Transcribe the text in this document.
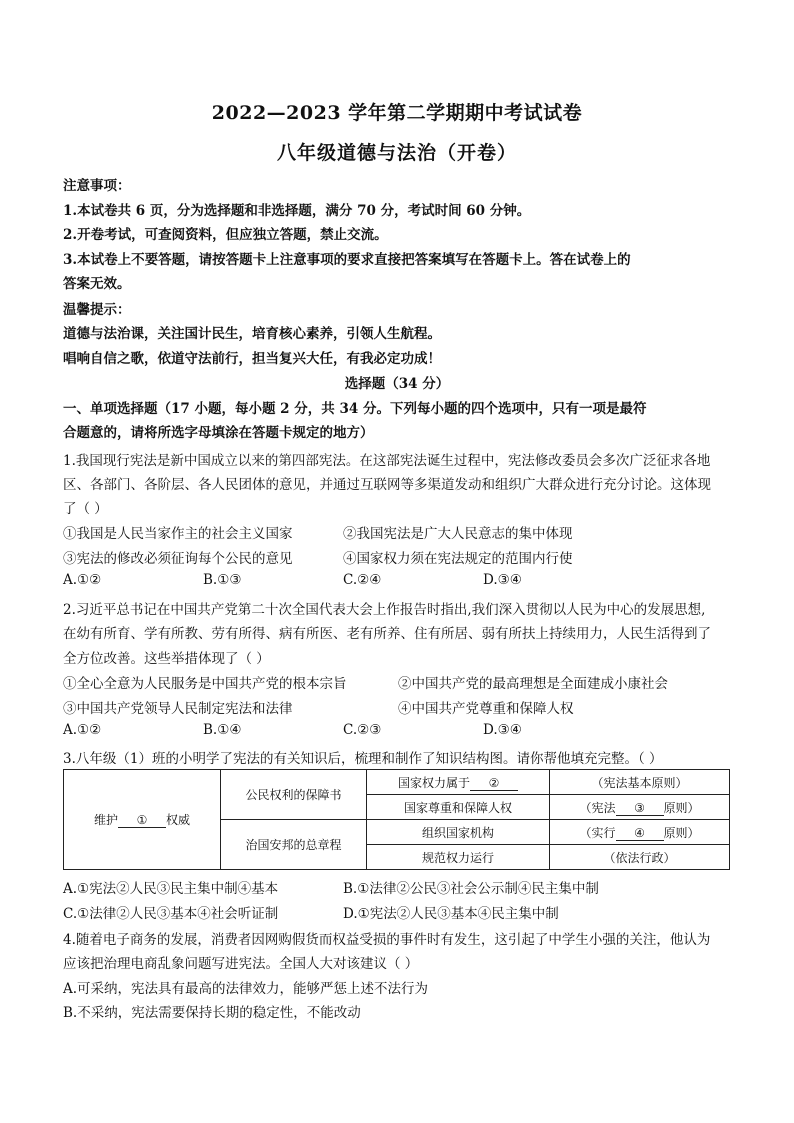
2022—2023 学年第二学期期中考试试卷
八年级道德与法治（开卷）
注意事项：
1.本试卷共 6 页，分为选择题和非选择题，满分 70 分，考试时间 60 分钟。
2.开卷考试，可查阅资料，但应独立答题，禁止交流。
3.本试卷上不要答题，请按答题卡上注意事项的要求直接把答案填写在答题卡上。答在试卷上的
答案无效。
温馨提示：
道德与法治课，关注国计民生，培育核心素养，引领人生航程。
唱响自信之歌，依道守法前行，担当复兴大任，有我必定功成！
选择题（34 分）
一、单项选择题（17 小题，每小题 2 分，共 34 分。下列每小题的四个选项中，只有一项是最符
合题意的，请将所选字母填涂在答题卡规定的地方）
1.我国现行宪法是新中国成立以来的第四部宪法。在这部宪法诞生过程中，宪法修改委员会多次广泛征求各地
区、各部门、各阶层、各人民团体的意见，并通过互联网等多渠道发动和组织广大群众进行充分讨论。这体现
了（ ）
①我国是人民当家作主的社会主义国家	②我国宪法是广大人民意志的集中体现
③宪法的修改必须征询每个公民的意见	④国家权力须在宪法规定的范围内行使
A.①②	B.①③	C.②④	D.③④
2.习近平总书记在中国共产党第二十次全国代表大会上作报告时指出,我们深入贯彻以人民为中心的发展思想,
在幼有所育、学有所教、劳有所得、病有所医、老有所养、住有所居、弱有所扶上持续用力，人民生活得到了
全方位改善。这些举措体现了（ ）
①全心全意为人民服务是中国共产党的根本宗旨	②中国共产党的最高理想是全面建成小康社会
③中国共产党领导人民制定宪法和法律	④中国共产党尊重和保障人权
A.①②	B.①④	C.②③	D.③④
3.八年级（1）班的小明学了宪法的有关知识后，梳理和制作了知识结构图。请你帮他填充完整。（ ）
维护 ① 权威	公民权利的保障书	国家权力属于 ②	（宪法基本原则）
		国家尊重和保障人权	（宪法 ③ 原则）
	治国安邦的总章程	组织国家机构	（实行 ④ 原则）
		规范权力运行	（依法行政）
A.①宪法②人民③民主集中制④基本	B.①法律②公民③社会公示制④民主集中制
C.①法律②人民③基本④社会听证制	D.①宪法②人民③基本④民主集中制
4.随着电子商务的发展，消费者因网购假货而权益受损的事件时有发生，这引起了中学生小强的关注，他认为
应该把治理电商乱象问题写进宪法。全国人大对该建议（ ）
A.可采纳，宪法具有最高的法律效力，能够严惩上述不法行为
B.不采纳，宪法需要保持长期的稳定性，不能改动
